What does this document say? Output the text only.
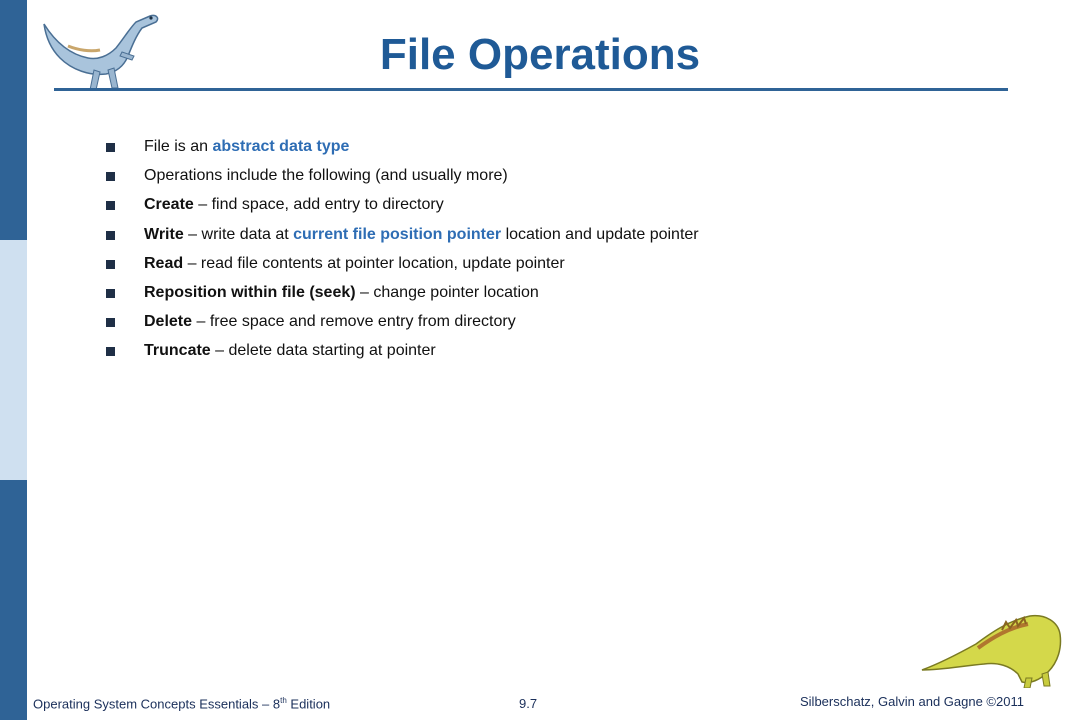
File Operations
File is an abstract data type
Operations include the following (and usually more)
Create – find space, add entry to directory
Write – write data at current file position pointer location and update pointer
Read – read file contents at pointer location, update pointer
Reposition within file (seek) – change pointer location
Delete – free space and remove entry from directory
Truncate – delete data starting at pointer
Operating System Concepts Essentials – 8th Edition	9.7	Silberschatz, Galvin and Gagne ©2011
